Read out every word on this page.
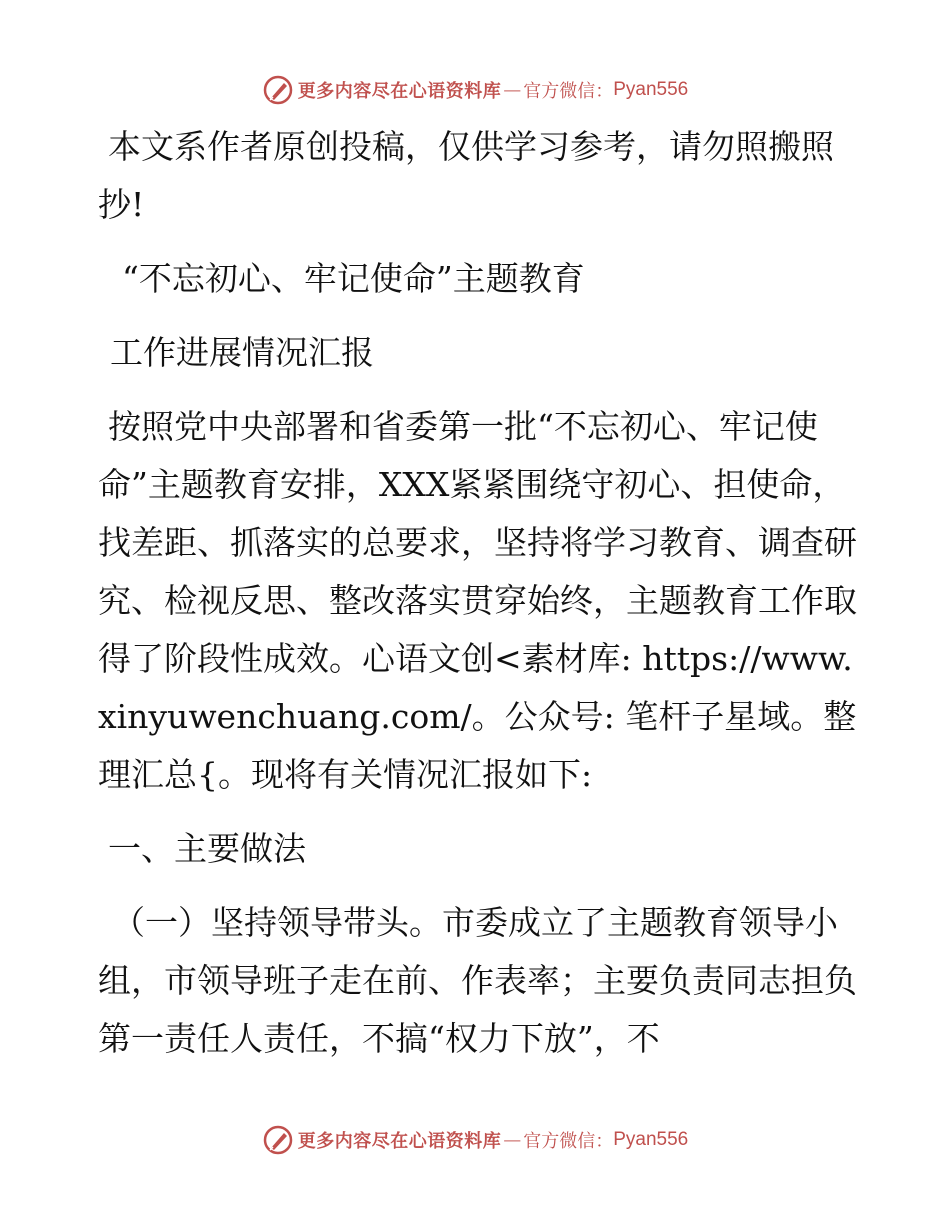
更多内容尽在心语资料库 — 官方微信： Pyan556

本文系作者原创投稿，仅供学习参考，请勿照搬照抄!

“不忘初心、牢记使命”主题教育

工作进展情况汇报

按照党中央部署和省委第一批“不忘初心、牢记使命”主题教育安排，XXX紧紧围绕守初心、担使命，找差距、抓落实的总要求，坚持将学习教育、调查研究、检视反思、整改落实贯穿始终，主题教育工作取得了阶段性成效。心语文创<素材库: https://www.xinyuwenchuang.com/。公众号: 笔杆子星域。整理汇总{。现将有关情况汇报如下:

一、主要做法

（一）坚持领导带头。市委成立了主题教育领导小组，市领导班子走在前、作表率；主要负责同志担负第一责任人责任，不搞“权力下放”，不

更多内容尽在心语资料库 — 官方微信： Pyan556
